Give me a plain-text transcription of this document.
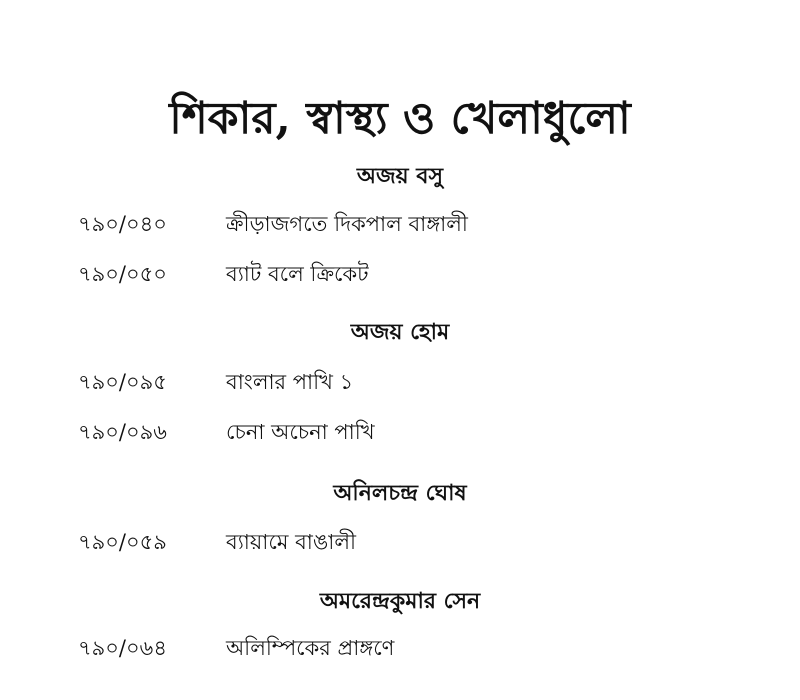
শিকার, স্বাস্থ্য ও খেলাধুলো
অজয় বসু
৭৯০/০৪০	ক্রীড়াজগতে দিকপাল বাঙ্গালী
৭৯০/০৫০	ব্যাট বলে ক্রিকেট
অজয় হোম
৭৯০/০৯৫	বাংলার পাখি ১
৭৯০/০৯৬	চেনা অচেনা পাখি
অনিলচন্দ্র ঘোষ
৭৯০/০৫৯	ব্যায়ামে বাঙালী
অমরেন্দ্রকুমার সেন
৭৯০/০৬৪	অলিম্পিকের প্রাঙ্গণে
